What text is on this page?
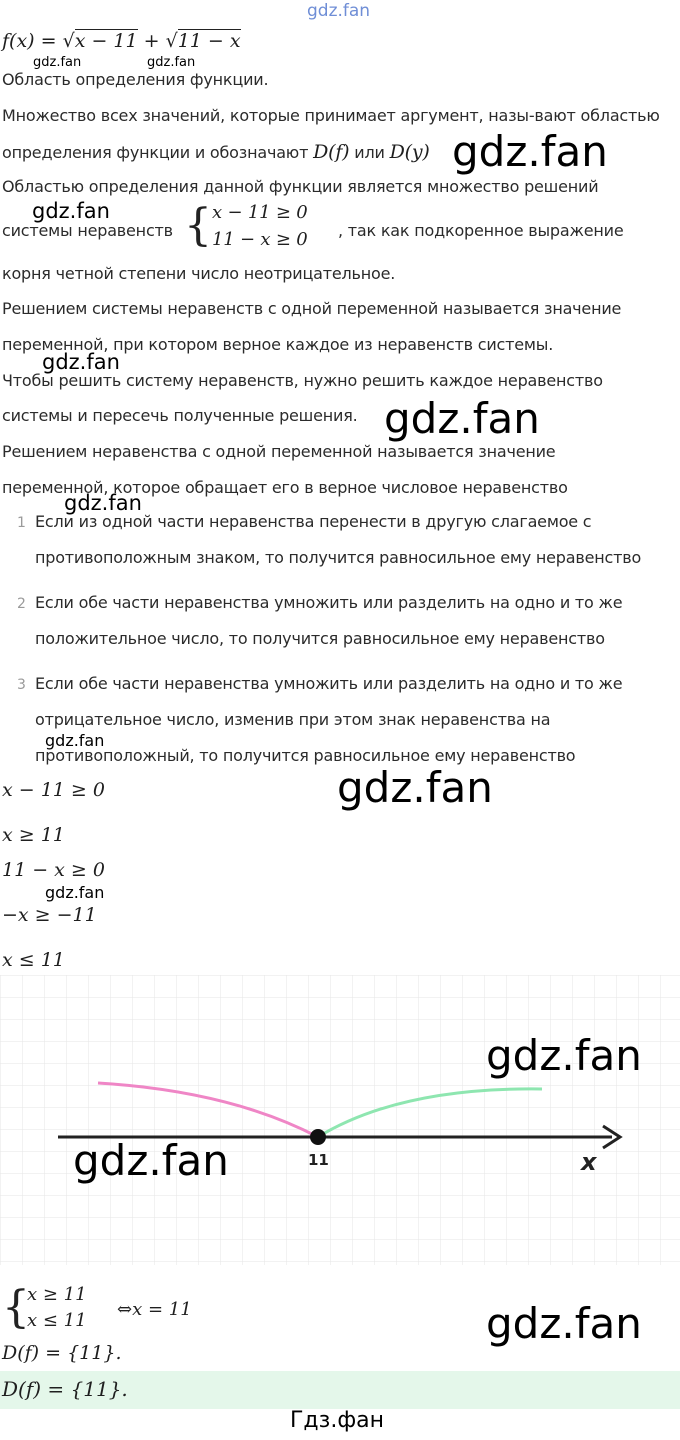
gdz.fan
f(x) = √x − 11 + √11 − x
gdz.fan	gdz.fan
Область определения функции.
Множество всех значений, которые принимает аргумент, назы-вают областью
определения функции и обозначают D(f) или D(y) gdz.fan
Областью определения данной функции является множество решений
gdz.fan
системы неравенств { x − 11 ≥ 0
11 − x ≥ 0 , так как подкоренное выражение
корня четной степени число неотрицательное.
Решением системы неравенств с одной переменной называется значение
переменной, при котором верное каждое из неравенств системы.
gdz.fan
Чтобы решить систему неравенств, нужно решить каждое неравенство
системы и пересечь полученные решения. gdz.fan
Решением неравенства с одной переменной называется значение
переменной, которое обращает его в верное числовое неравенство
gdz.fan
1 Если из одной части неравенства перенести в другую слагаемое с
противоположным знаком, то получится равносильное ему неравенство
2 Если обе части неравенства умножить или разделить на одно и то же
положительное число, то получится равносильное ему неравенство
3 Если обе части неравенства умножить или разделить на одно и то же
отрицательное число, изменив при этом знак неравенства на
противоположный, то получится равносильное ему неравенство
gdz.fan
x − 11 ≥ 0	gdz.fan
x ≥ 11
11 − x ≥ 0
gdz.fan
−x ≥ −11
x ≤ 11
11	x
gdz.fan
gdz.fan
{
x ≥ 11
x ≤ 11
⇔x = 11	gdz.fan
D(f) = {11}.
D(f) = {11}.
Гдз.фан
